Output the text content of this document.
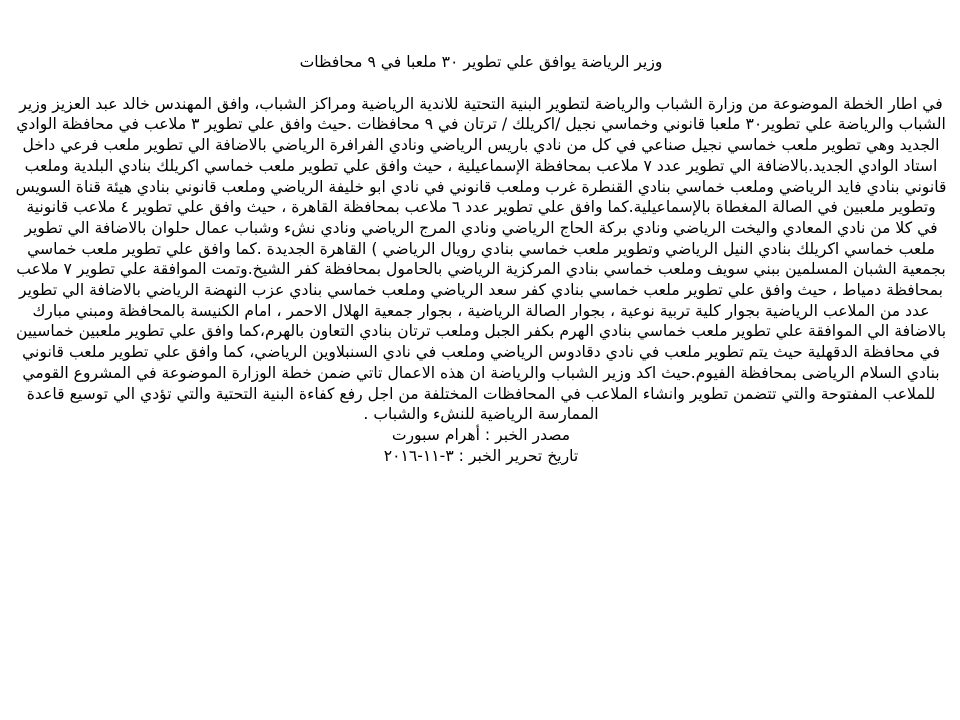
وزير الرياضة يوافق علي تطوير ٣٠ ملعبا في ٩ محافظات

في اطار الخطة الموضوعة من وزارة الشباب والرياضة لتطوير البنية التحتية للاندية الرياضية ومراكز الشباب، وافق المهندس خالد عبد العزيز وزير الشباب والرياضة علي تطوير٣٠ ملعبا قانوني وخماسي نجيل /اكريلك / ترتان في ٩ محافظات .حيث وافق علي تطوير ٣ ملاعب في محافظة الوادي الجديد وهي تطوير ملعب خماسي نجيل صناعي في كل من نادي باريس الرياضي ونادي الفرافرة الرياضي بالاضافة الي تطوير ملعب فرعي داخل استاد الوادي الجديد.بالاضافة الي تطوير عدد ٧ ملاعب بمحافظة الإسماعيلية ، حيث وافق علي تطوير ملعب خماسي اكريلك بنادي البلدية وملعب قانوني بنادي فايد الرياضي وملعب خماسي بنادي القنطرة غرب وملعب قانوني في نادي ابو خليفة الرياضي وملعب قانوني بنادي هيئة قناة السويس وتطوير ملعبين في الصالة المغطاة بالإسماعيلية.كما وافق علي تطوير عدد ٦ ملاعب بمحافظة القاهرة ، حيث وافق علي تطوير ٤ ملاعب قانونية في كلا من نادي المعادي واليخت الرياضي ونادي بركة الحاج الرياضي ونادي المرج الرياضي ونادي نشء وشباب عمال حلوان بالاضافة الي تطوير ملعب خماسي اكريلك بنادي النيل الرياضي وتطوير ملعب خماسي بنادي رويال الرياضي ) القاهرة الجديدة .كما وافق علي تطوير ملعب خماسي بجمعية الشبان المسلمين ببني سويف وملعب خماسي بنادي المركزية الرياضي بالحامول بمحافظة كفر الشيخ.وتمت الموافقة علي تطوير ٧ ملاعب بمحافظة دمياط ، حيث وافق علي تطوير ملعب خماسي بنادي كفر سعد الرياضي وملعب خماسي بنادي عزب النهضة الرياضي بالاضافة الي تطوير عدد من الملاعب الرياضية بجوار كلية تربية نوعية ، بجوار الصالة الرياضية ، بجوار جمعية الهلال الاحمر ، امام الكنيسة بالمحافظة ومبني مبارك

بالاضافة الي الموافقة علي تطوير ملعب خماسي بنادي الهرم بكفر الجبل وملعب ترتان بنادي التعاون بالهرم،كما وافق علي تطوير ملعبين خماسيين في محافظة الدقهلية حيث يتم تطوير ملعب في نادي دقادوس الرياضي وملعب في نادي السنبلاوين الرياضي، كما وافق علي تطوير ملعب قانوني بنادي السلام الرياضى بمحافظة الفيوم.حيث اكد وزير الشباب والرياضة ان هذه الاعمال تاتي ضمن خطة الوزارة الموضوعة في المشروع القومي للملاعب المفتوحة والتي تتضمن تطوير وانشاء الملاعب في المحافظات المختلفة من اجل رفع كفاءة البنية التحتية والتي تؤدي الي توسيع قاعدة الممارسة الرياضية للنشء والشباب .

مصدر الخبر : أهرام سبورت

تاريخ تحرير الخبر : ٣-١١-٢٠١٦
